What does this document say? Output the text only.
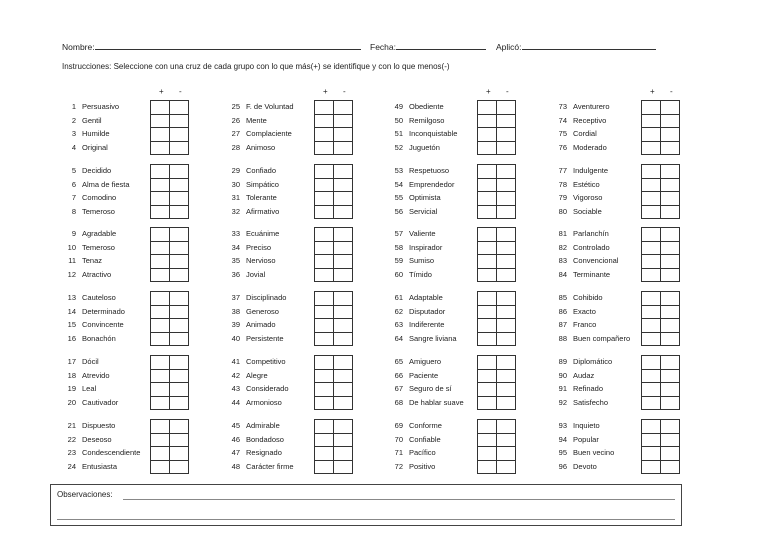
Nombre:	Fecha:	Aplicó:
Instrucciones: Seleccione con una cruz de cada grupo con lo que más(+) se identifique y con lo que menos(-)
+ -
1 Persuasivo
2 Gentil
3 Humilde
4 Original
5 Decidido
6 Alma de fiesta
7 Comodino
8 Temeroso
9 Agradable
10 Temeroso
11 Tenaz
12 Atractivo
13 Cauteloso
14 Determinado
15 Convincente
16 Bonachón
17 Dócil
18 Atrevido
19 Leal
20 Cautivador
21 Dispuesto
22 Deseoso
23 Condescendiente
24 Entusiasta
+ -
25 F. de Voluntad
26 Mente
27 Complaciente
28 Animoso
29 Confiado
30 Simpático
31 Tolerante
32 Afirmativo
33 Ecuánime
34 Preciso
35 Nervioso
36 Jovial
37 Disciplinado
38 Generoso
39 Animado
40 Persistente
41 Competitivo
42 Alegre
43 Considerado
44 Armonioso
45 Admirable
46 Bondadoso
47 Resignado
48 Carácter firme
+ -
49 Obediente
50 Remilgoso
51 Inconquistable
52 Juguetón
53 Respetuoso
54 Emprendedor
55 Optimista
56 Servicial
57 Valiente
58 Inspirador
59 Sumiso
60 Tímido
61 Adaptable
62 Disputador
63 Indiferente
64 Sangre liviana
65 Amiguero
66 Paciente
67 Seguro de sí
68 De hablar suave
69 Conforme
70 Confiable
71 Pacífico
72 Positivo
+ -
73 Aventurero
74 Receptivo
75 Cordial
76 Moderado
77 Indulgente
78 Estético
79 Vigoroso
80 Sociable
81 Parlanchín
82 Controlado
83 Convencional
84 Terminante
85 Cohibido
86 Exacto
87 Franco
88 Buen compañero
89 Diplomático
90 Audaz
91 Refinado
92 Satisfecho
93 Inquieto
94 Popular
95 Buen vecino
96 Devoto
Observaciones:
